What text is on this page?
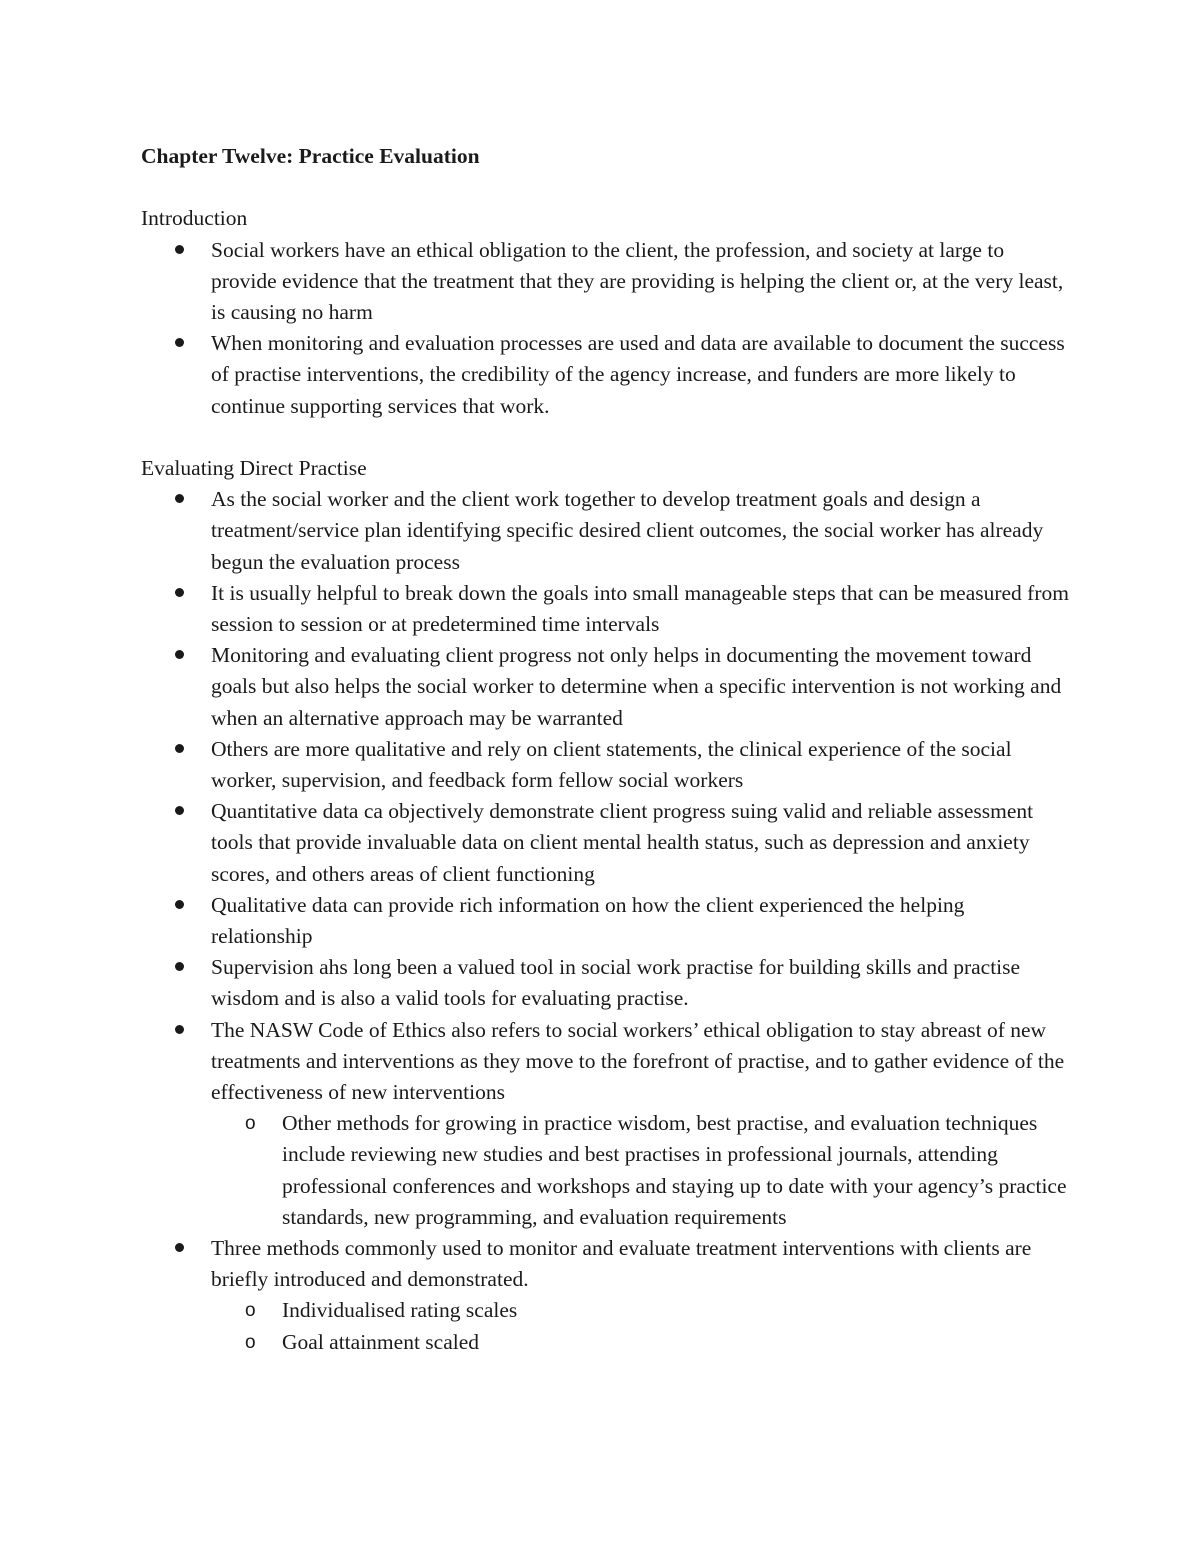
Chapter Twelve: Practice Evaluation
Introduction
Social workers have an ethical obligation to the client, the profession, and society at large to provide evidence that the treatment that they are providing is helping the client or, at the very least, is causing no harm
When monitoring and evaluation processes are used and data are available to document the success of practise interventions, the credibility of the agency increase, and funders are more likely to continue supporting services that work.
Evaluating Direct Practise
As the social worker and the client work together to develop treatment goals and design a treatment/service plan identifying specific desired client outcomes, the social worker has already begun the evaluation process
It is usually helpful to break down the goals into small manageable steps that can be measured from session to session or at predetermined time intervals
Monitoring and evaluating client progress not only helps in documenting the movement toward goals but also helps the social worker to determine when a specific intervention is not working and when an alternative approach may be warranted
Others are more qualitative and rely on client statements, the clinical experience of the social worker, supervision, and feedback form fellow social workers
Quantitative data ca objectively demonstrate client progress suing valid and reliable assessment tools that provide invaluable data on client mental health status, such as depression and anxiety scores, and others areas of client functioning
Qualitative data can provide rich information on how the client experienced the helping relationship
Supervision ahs long been a valued tool in social work practise for building skills and practise wisdom and is also a valid tools for evaluating practise.
The NASW Code of Ethics also refers to social workers’ ethical obligation to stay abreast of new treatments and interventions as they move to the forefront of practise, and to gather evidence of the effectiveness of new interventions
o Other methods for growing in practice wisdom, best practise, and evaluation techniques include reviewing new studies and best practises in professional journals, attending professional conferences and workshops and staying up to date with your agency’s practice standards, new programming, and evaluation requirements
Three methods commonly used to monitor and evaluate treatment interventions with clients are briefly introduced and demonstrated.
o Individualised rating scales
o Goal attainment scaled
